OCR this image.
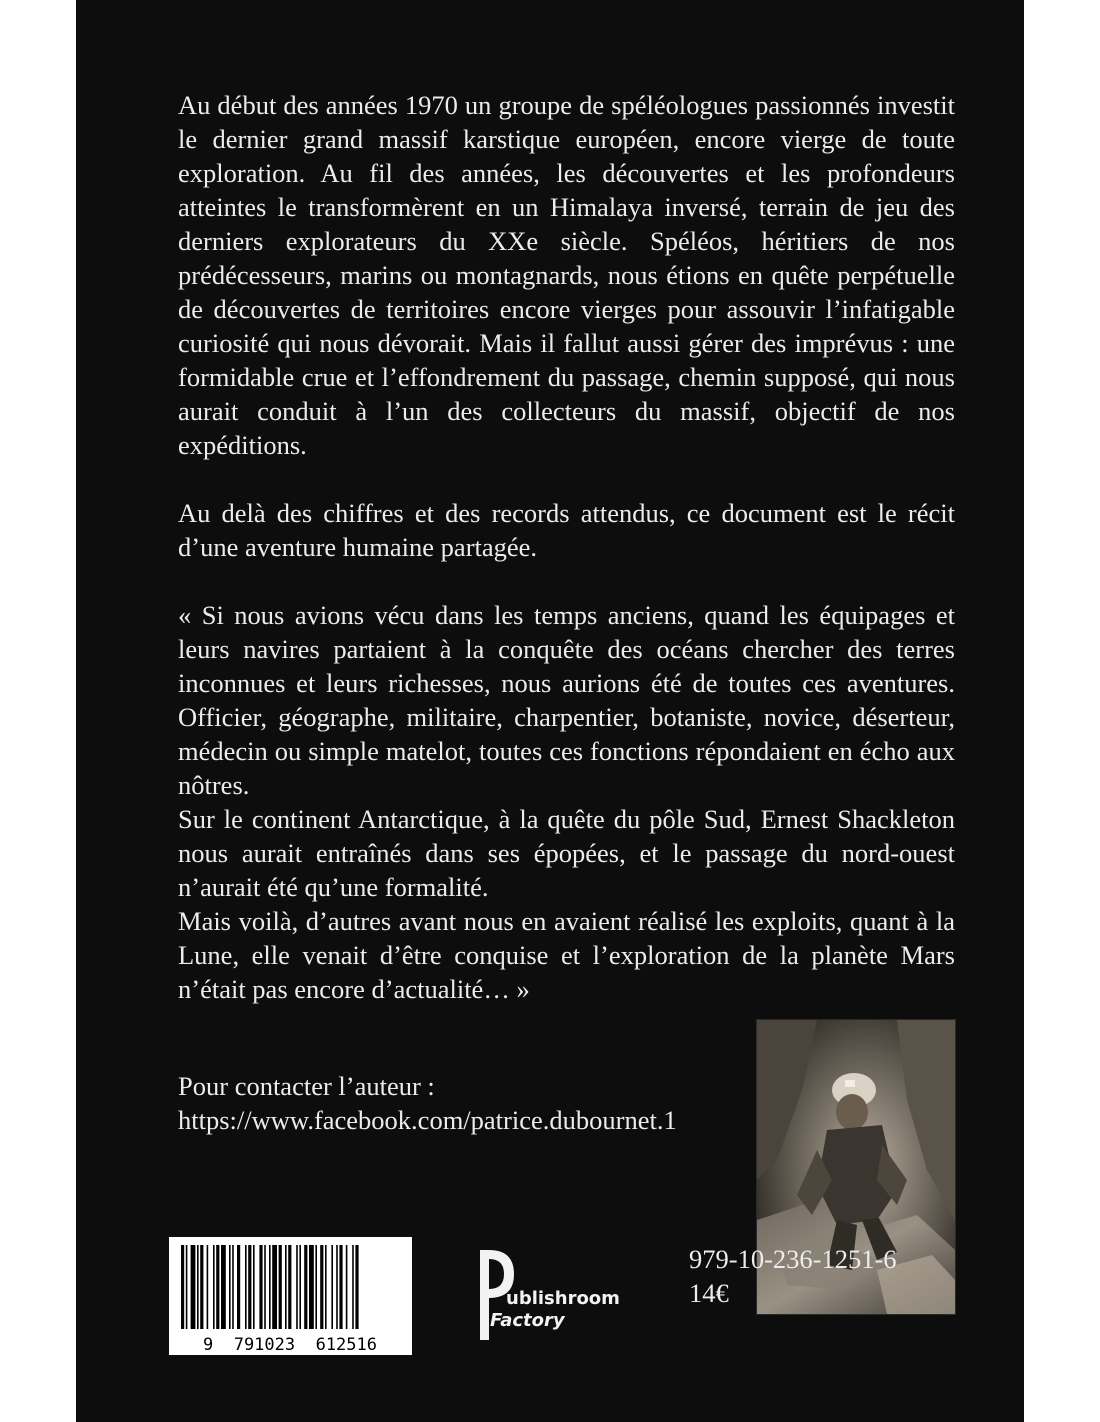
Au début des années 1970 un groupe de spéléologues passionnés investit le dernier grand massif karstique européen, encore vierge de toute exploration. Au fil des années, les découvertes et les profondeurs atteintes le transformèrent en un Himalaya inversé, terrain de jeu des derniers explorateurs du XXe siècle. Spéléos, héritiers de nos prédécesseurs, marins ou montagnards, nous étions en quête perpétuelle de découvertes de territoires encore vierges pour assouvir l’infatigable curiosité qui nous dévorait. Mais il fallut aussi gérer des imprévus : une formidable crue et l’effondrement du passage, chemin supposé, qui nous aurait conduit à l’un des collecteurs du massif, objectif de nos expéditions.

Au delà des chiffres et des records attendus, ce document est le récit d’une aventure humaine partagée.

« Si nous avions vécu dans les temps anciens, quand les équipages et leurs navires partaient à la conquête des océans chercher des terres inconnues et leurs richesses, nous aurions été de toutes ces aventures. Officier, géographe, militaire, charpentier, botaniste, novice, déserteur, médecin ou simple matelot, toutes ces fonctions répondaient en écho aux nôtres.

Sur le continent Antarctique, à la quête du pôle Sud, Ernest Shackleton nous aurait entraînés dans ses épopées, et le passage du nord-ouest n’aurait été qu’une formalité.

Mais voilà, d’autres avant nous en avaient réalisé les exploits, quant à la Lune, elle venait d’être conquise et l’exploration de la planète Mars n’était pas encore d’actualité… »

Pour contacter l’auteur :
https://www.facebook.com/patrice.dubournet.1
9  791023  612516
ublishroom
Factory
979-10-236-1251-6
14€
